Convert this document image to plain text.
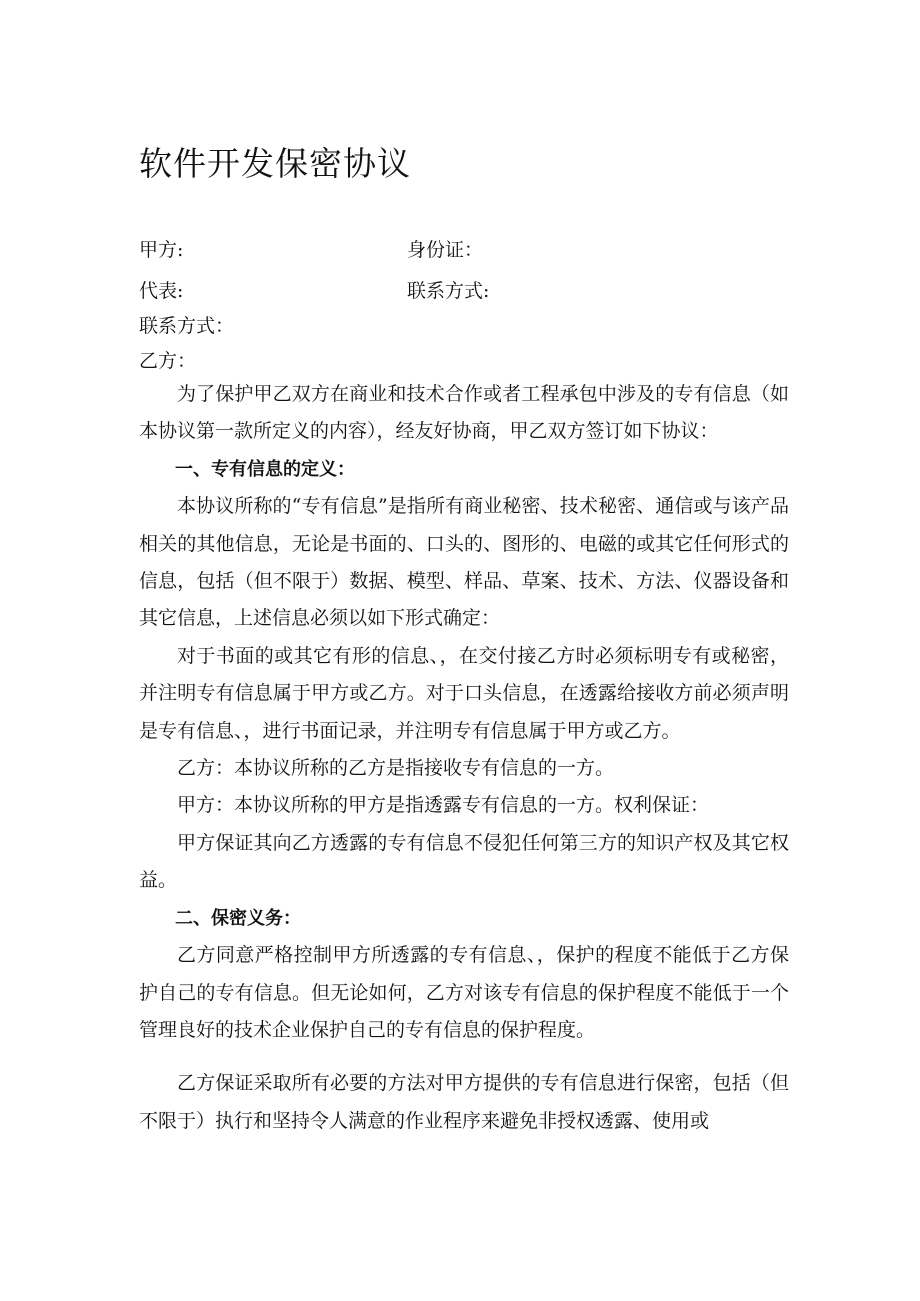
软件开发保密协议
甲方:	身份证：
代表:	联系方式:
联系方式：
乙方：

为了保护甲乙双方在商业和技术合作或者工程承包中涉及的专有信息（如本协议第一款所定义的内容），经友好协商，甲乙双方签订如下协议：

一、专有信息的定义：

本协议所称的“专有信息”是指所有商业秘密、技术秘密、通信或与该产品相关的其他信息，无论是书面的、口头的、图形的、电磁的或其它任何形式的信息，包括（但不限于）数据、模型、样品、草案、技术、方法、仪器设备和其它信息，上述信息必须以如下形式确定：

对于书面的或其它有形的信息、，在交付接乙方时必须标明专有或秘密，并注明专有信息属于甲方或乙方。对于口头信息，在透露给接收方前必须声明是专有信息、，进行书面记录，并注明专有信息属于甲方或乙方。

乙方：本协议所称的乙方是指接收专有信息的一方。

甲方：本协议所称的甲方是指透露专有信息的一方。权利保证：

甲方保证其向乙方透露的专有信息不侵犯任何第三方的知识产权及其它权益。

二、保密义务：

乙方同意严格控制甲方所透露的专有信息、，保护的程度不能低于乙方保护自己的专有信息。但无论如何，乙方对该专有信息的保护程度不能低于一个管理良好的技术企业保护自己的专有信息的保护程度。

乙方保证采取所有必要的方法对甲方提供的专有信息进行保密，包括（但不限于）执行和坚持令人满意的作业程序来避免非授权透露、使用或
